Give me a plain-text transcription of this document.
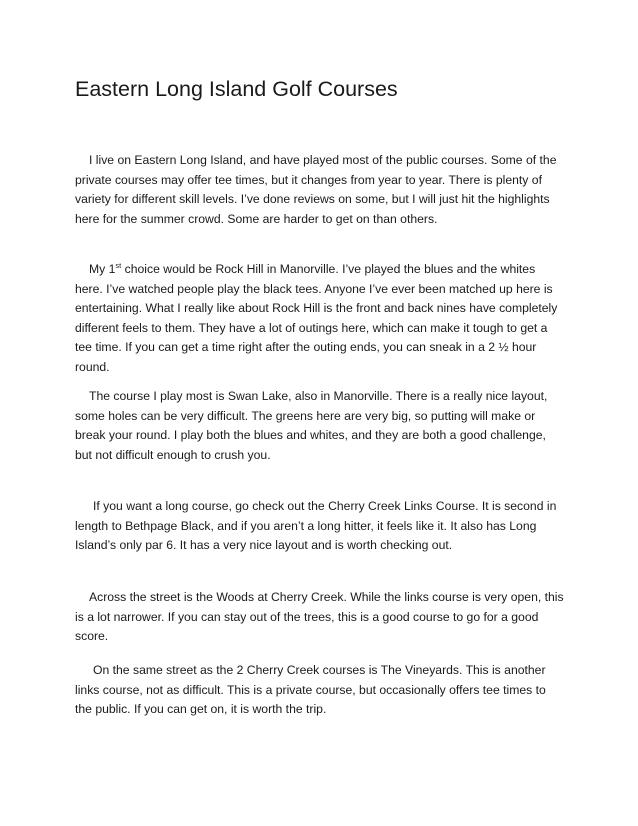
Eastern Long Island Golf Courses

I live on Eastern Long Island, and have played most of the public courses. Some of the private courses may offer tee times, but it changes from year to year. There is plenty of variety for different skill levels. I’ve done reviews on some, but I will just hit the highlights here for the summer crowd. Some are harder to get on than others.

My 1st choice would be Rock Hill in Manorville. I’ve played the blues and the whites here. I’ve watched people play the black tees. Anyone I’ve ever been matched up here is entertaining. What I really like about Rock Hill is the front and back nines have completely different feels to them. They have a lot of outings here, which can make it tough to get a tee time. If you can get a time right after the outing ends, you can sneak in a 2 ½ hour round.

The course I play most is Swan Lake, also in Manorville. There is a really nice layout, some holes can be very difficult. The greens here are very big, so putting will make or break your round. I play both the blues and whites, and they are both a good challenge, but not difficult enough to crush you.

If you want a long course, go check out the Cherry Creek Links Course. It is second in length to Bethpage Black, and if you aren’t a long hitter, it feels like it. It also has Long Island’s only par 6. It has a very nice layout and is worth checking out.

Across the street is the Woods at Cherry Creek. While the links course is very open, this is a lot narrower. If you can stay out of the trees, this is a good course to go for a good score.

On the same street as the 2 Cherry Creek courses is The Vineyards. This is another links course, not as difficult. This is a private course, but occasionally offers tee times to the public. If you can get on, it is worth the trip.
